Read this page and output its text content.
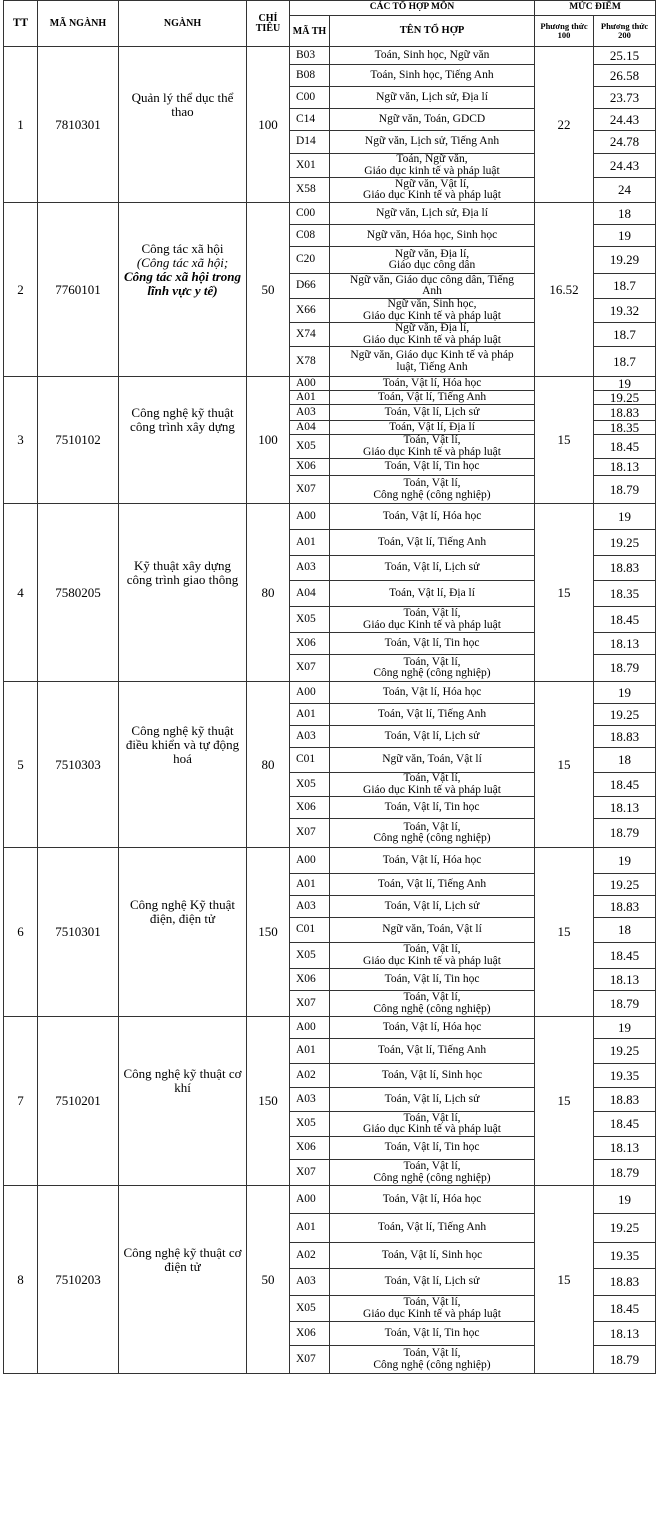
TT	MÃ NGÀNH	NGÀNH	CHỈ TIÊU	CÁC TỔ HỢP MÔN		MỨC ĐIỂM	
				MÃ TH	TÊN TỔ HỢP	Phương thức 100	Phương thức 200
1	7810301	Quản lý thể dục thể thao	100	B03	Toán, Sinh học, Ngữ văn	22	25.15
				B08	Toán, Sinh học, Tiếng Anh		26.58
				C00	Ngữ văn, Lịch sử, Địa lí		23.73
				C14	Ngữ văn, Toán, GDCD		24.43
				D14	Ngữ văn, Lịch sử, Tiếng Anh		24.78
				X01	Toán, Ngữ văn,
Giáo dục kinh tế và pháp luật		24.43
				X58	Ngữ văn, Vật lí,
Giáo dục Kinh tế và pháp luật		24
2	7760101	Công tác xã hội
(Công tác xã hội;
Công tác xã hội trong lĩnh vực y tế)	50	C00	Ngữ văn, Lịch sử, Địa lí	16.52	18
				C08	Ngữ văn, Hóa học, Sinh học		19
				C20	Ngữ văn, Địa lí,
Giáo dục công dân		19.29
				D66	Ngữ văn, Giáo dục công dân, Tiếng
Anh		18.7
				X66	Ngữ văn, Sinh học,
Giáo dục Kinh tế và pháp luật		19.32
				X74	Ngữ văn, Địa lí,
Giáo dục Kinh tế và pháp luật		18.7
				X78	Ngữ văn, Giáo dục Kinh tế và pháp
luật, Tiếng Anh		18.7
3	7510102	Công nghệ kỹ thuật công trình xây dựng	100	A00	Toán, Vật lí, Hóa học	15	19
				A01	Toán, Vật lí, Tiếng Anh		19.25
				A03	Toán, Vật lí, Lịch sử		18.83
				A04	Toán, Vật lí, Địa lí		18.35
				X05	Toán, Vật lí,
Giáo dục Kinh tế và pháp luật		18.45
				X06	Toán, Vật lí, Tin học		18.13
				X07	Toán, Vật lí,
Công nghệ (công nghiệp)		18.79
4	7580205	Kỹ thuật xây dựng công trình giao thông	80	A00	Toán, Vật lí, Hóa học	15	19
				A01	Toán, Vật lí, Tiếng Anh		19.25
				A03	Toán, Vật lí, Lịch sử		18.83
				A04	Toán, Vật lí, Địa lí		18.35
				X05	Toán, Vật lí,
Giáo dục Kinh tế và pháp luật		18.45
				X06	Toán, Vật lí, Tin học		18.13
				X07	Toán, Vật lí,
Công nghệ (công nghiệp)		18.79
5	7510303	Công nghệ kỹ thuật điều khiển và tự động hoá	80	A00	Toán, Vật lí, Hóa học	15	19
				A01	Toán, Vật lí, Tiếng Anh		19.25
				A03	Toán, Vật lí, Lịch sử		18.83
				C01	Ngữ văn, Toán, Vật lí		18
				X05	Toán, Vật lí,
Giáo dục Kinh tế và pháp luật		18.45
				X06	Toán, Vật lí, Tin học		18.13
				X07	Toán, Vật lí,
Công nghệ (công nghiệp)		18.79
6	7510301	Công nghệ Kỹ thuật điện, điện tử	150	A00	Toán, Vật lí, Hóa học	15	19
				A01	Toán, Vật lí, Tiếng Anh		19.25
				A03	Toán, Vật lí, Lịch sử		18.83
				C01	Ngữ văn, Toán, Vật lí		18
				X05	Toán, Vật lí,
Giáo dục Kinh tế và pháp luật		18.45
				X06	Toán, Vật lí, Tin học		18.13
				X07	Toán, Vật lí,
Công nghệ (công nghiệp)		18.79
7	7510201	Công nghệ kỹ thuật cơ khí	150	A00	Toán, Vật lí, Hóa học	15	19
				A01	Toán, Vật lí, Tiếng Anh		19.25
				A02	Toán, Vật lí, Sinh học		19.35
				A03	Toán, Vật lí, Lịch sử		18.83
				X05	Toán, Vật lí,
Giáo dục Kinh tế và pháp luật		18.45
				X06	Toán, Vật lí, Tin học		18.13
				X07	Toán, Vật lí,
Công nghệ (công nghiệp)		18.79
8	7510203	Công nghệ kỹ thuật cơ điện tử	50	A00	Toán, Vật lí, Hóa học	15	19
				A01	Toán, Vật lí, Tiếng Anh		19.25
				A02	Toán, Vật lí, Sinh học		19.35
				A03	Toán, Vật lí, Lịch sử		18.83
				X05	Toán, Vật lí,
Giáo dục Kinh tế và pháp luật		18.45
				X06	Toán, Vật lí, Tin học		18.13
				X07	Toán, Vật lí,
Công nghệ (công nghiệp)		18.79
